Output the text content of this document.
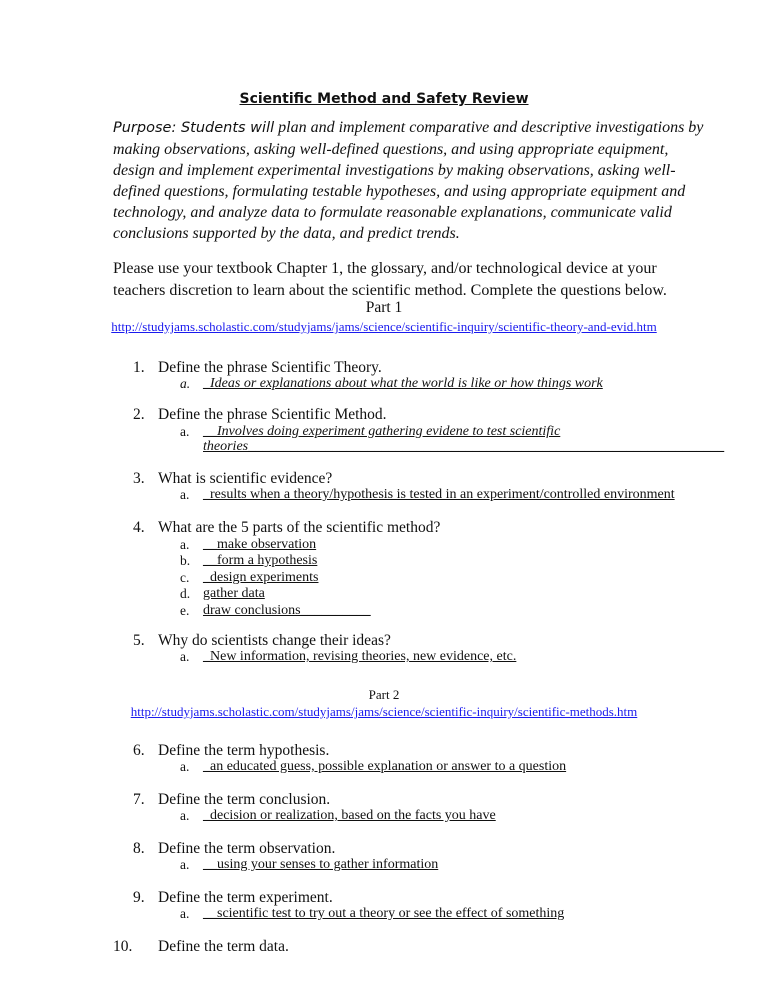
Scientific Method and Safety Review
Purpose: Students will plan and implement comparative and descriptive investigations by making observations, asking well-defined questions, and using appropriate equipment, design and implement experimental investigations by making observations, asking well-defined questions, formulating testable hypotheses, and using appropriate equipment and technology, and analyze data to formulate reasonable explanations, communicate valid conclusions supported by the data, and predict trends.
Please use your textbook Chapter 1, the glossary, and/or technological device at your teachers discretion to learn about the scientific method. Complete the questions below.
Part 1
http://studyjams.scholastic.com/studyjams/jams/science/scientific-inquiry/scientific-theory-and-evid.htm
1. Define the phrase Scientific Theory.
a. _Ideas or explanations about what the world is like or how things work
2. Define the phrase Scientific Method.
a. __Involves doing experiment gathering evidene to test scientific
theories____________________________________________________________________
3. What is scientific evidence?
a. _results when a theory/hypothesis is tested in an experiment/controlled environment
4. What are the 5 parts of the scientific method?
a. __make observation
b. __form a hypothesis
c. _design experiments
d. gather data
e. draw conclusions__________
5. Why do scientists change their ideas?
a. _New information, revising theories, new evidence, etc.
Part 2
http://studyjams.scholastic.com/studyjams/jams/science/scientific-inquiry/scientific-methods.htm
6. Define the term hypothesis.
a. _an educated guess, possible explanation or answer to a question
7. Define the term conclusion.
a. _decision or realization, based on the facts you have
8. Define the term observation.
a. __using your senses to gather information
9. Define the term experiment.
a. __scientific test to try out a theory or see the effect of something
10. Define the term data.
